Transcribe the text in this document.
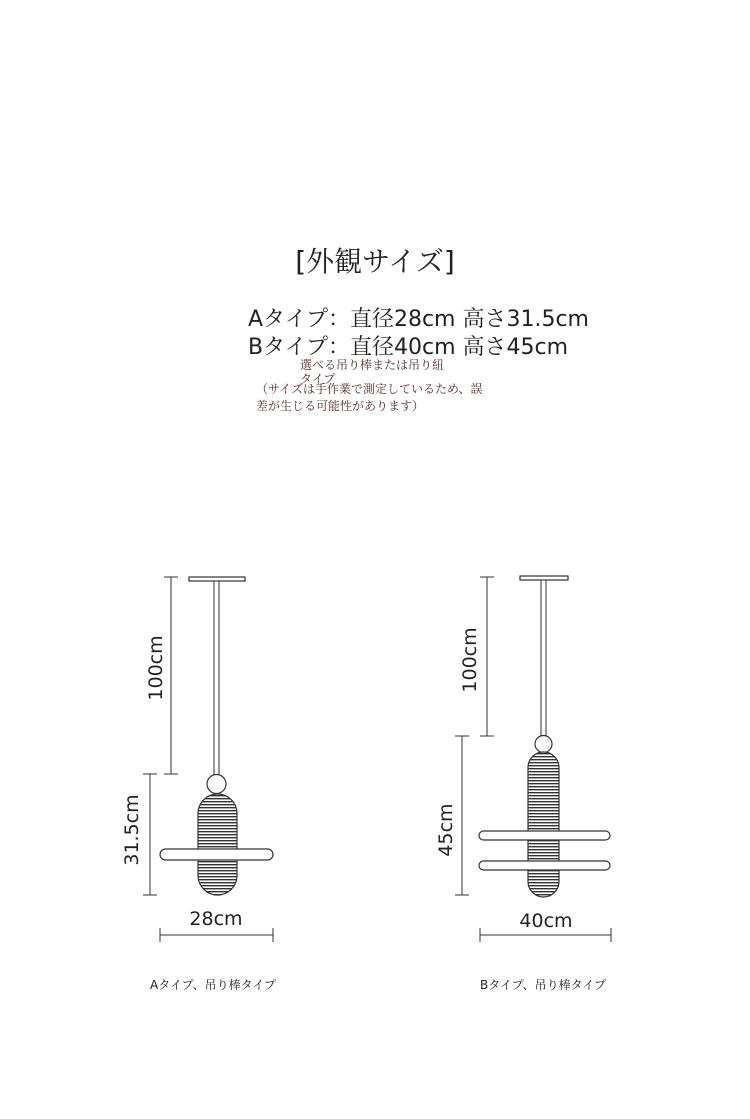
[外観サイズ]
Aタイプ：直径28cm 高さ31.5cm
Bタイプ：直径40cm 高さ45cm
選べる吊り棒または吊り紐
タイプ
（サイズは手作業で測定しているため、誤
差が生じる可能性があります）
100cm
31.5cm
28cm
100cm
45cm
40cm
Aタイプ、吊り棒タイプ	Bタイプ、吊り棒タイプ
